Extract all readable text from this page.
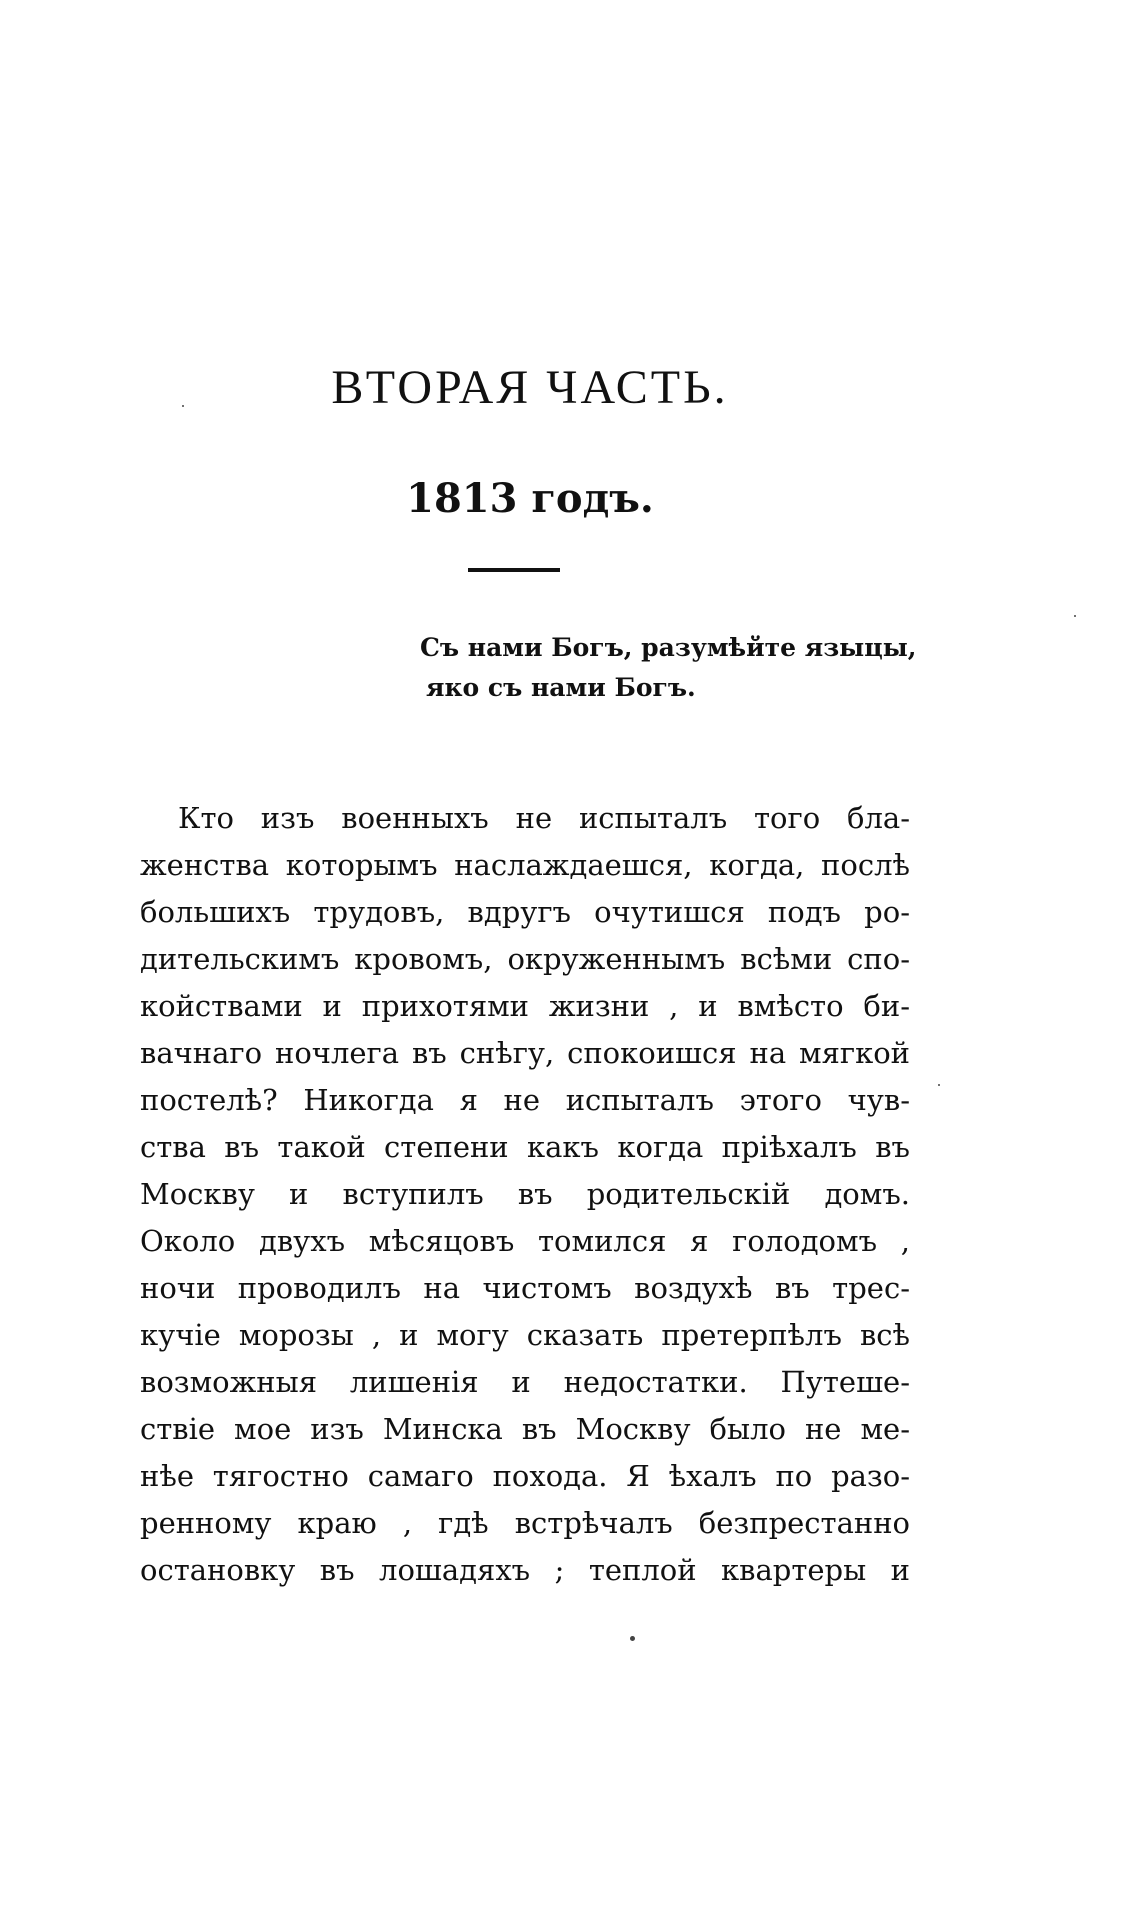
ВТОРАЯ ЧАСТЬ.
1813 годъ.
Съ нами Богъ, разумѣйте языцы,
яко съ нами Богъ.
Кто изъ военныхъ не испыталъ того бла-
женства которымъ наслаждаешся, когда, послѣ
большихъ трудовъ, вдругъ очутишся подъ ро-
дительскимъ кровомъ, окруженнымъ всѣми спо-
койствами и прихотями жизни , и вмѣсто би-
вачнаго ночлега въ снѣгу, спокоишся на мягкой
постелѣ? Никогда я не испыталъ этого чув-
ства въ такой степени какъ когда пріѣхалъ въ
Москву и вступилъ въ родительскій домъ.
Около двухъ мѣсяцовъ томился я голодомъ ,
ночи проводилъ на чистомъ воздухѣ въ трес-
кучіе морозы , и могу сказать претерпѣлъ всѣ
возможныя лишенія и недостатки. Путеше-
ствіе мое изъ Минска въ Москву было не ме-
нѣе тягостно самаго похода. Я ѣхалъ по разо-
ренному краю , гдѣ встрѣчалъ безпрестанно
остановку въ лошадяхъ ; теплой квартеры и
